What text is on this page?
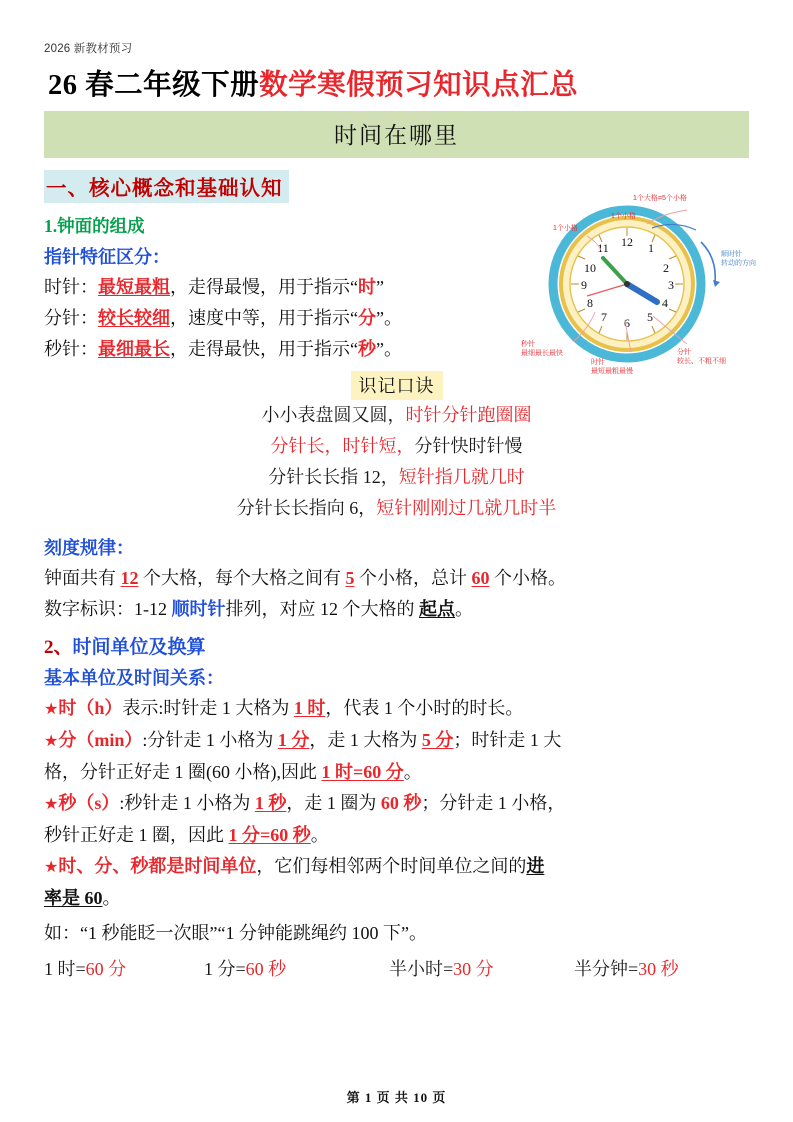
2026 新教材预习
26 春二年级下册数学寒假预习知识点汇总
时间在哪里
一、核心概念和基础认知
1.钟面的组成
指针特征区分：
时针：最短最粗，走得最慢，用于指示“时”
分针：较长较细，速度中等，用于指示“分”。
秒针：最细最长，走得最快，用于指示“秒”。
识记口诀
小小表盘圆又圆，时针分针跑圈圈
分针长，时针短，分针快时针慢
分针长长指 12，短针指几就几时
分针长长指向 6，短针刚刚过几就几时半
刻度规律：
钟面共有 12 个大格，每个大格之间有 5 个小格，总计 60 个小格。
数字标识：1-12 顺时针排列，对应 12 个大格的 起点。
2、时间单位及换算
基本单位及时间关系：
★时（h）表示:时针走 1 大格为 1 时，代表 1 个小时的时长。
★分（min）:分针走 1 小格为 1 分，走 1 大格为 5 分；时针走 1 大
格，分针正好走 1 圈(60 小格),因此 1 时=60 分。
★秒（s）:秒针走 1 小格为 1 秒，走 1 圈为 60 秒；分针走 1 小格，
秒针正好走 1 圈，因此 1 分=60 秒。
★时、分、秒都是时间单位，它们每相邻两个时间单位之间的进
率是 60。
如：“1 秒能眨一次眼”“1 分钟能跳绳约 100 下”。
1 时=60 分	1 分=60 秒	半小时=30 分	半分钟=30 秒
12 1
2
3
4
5
6
7
8
9
10
11
1个大格=5个小格
1个小格
1个小格
顺时针
转动的方向
秒针
最细最长最快
时针
最短最粗最慢
分针
较长、不粗不细
第 1 页 共 10 页
